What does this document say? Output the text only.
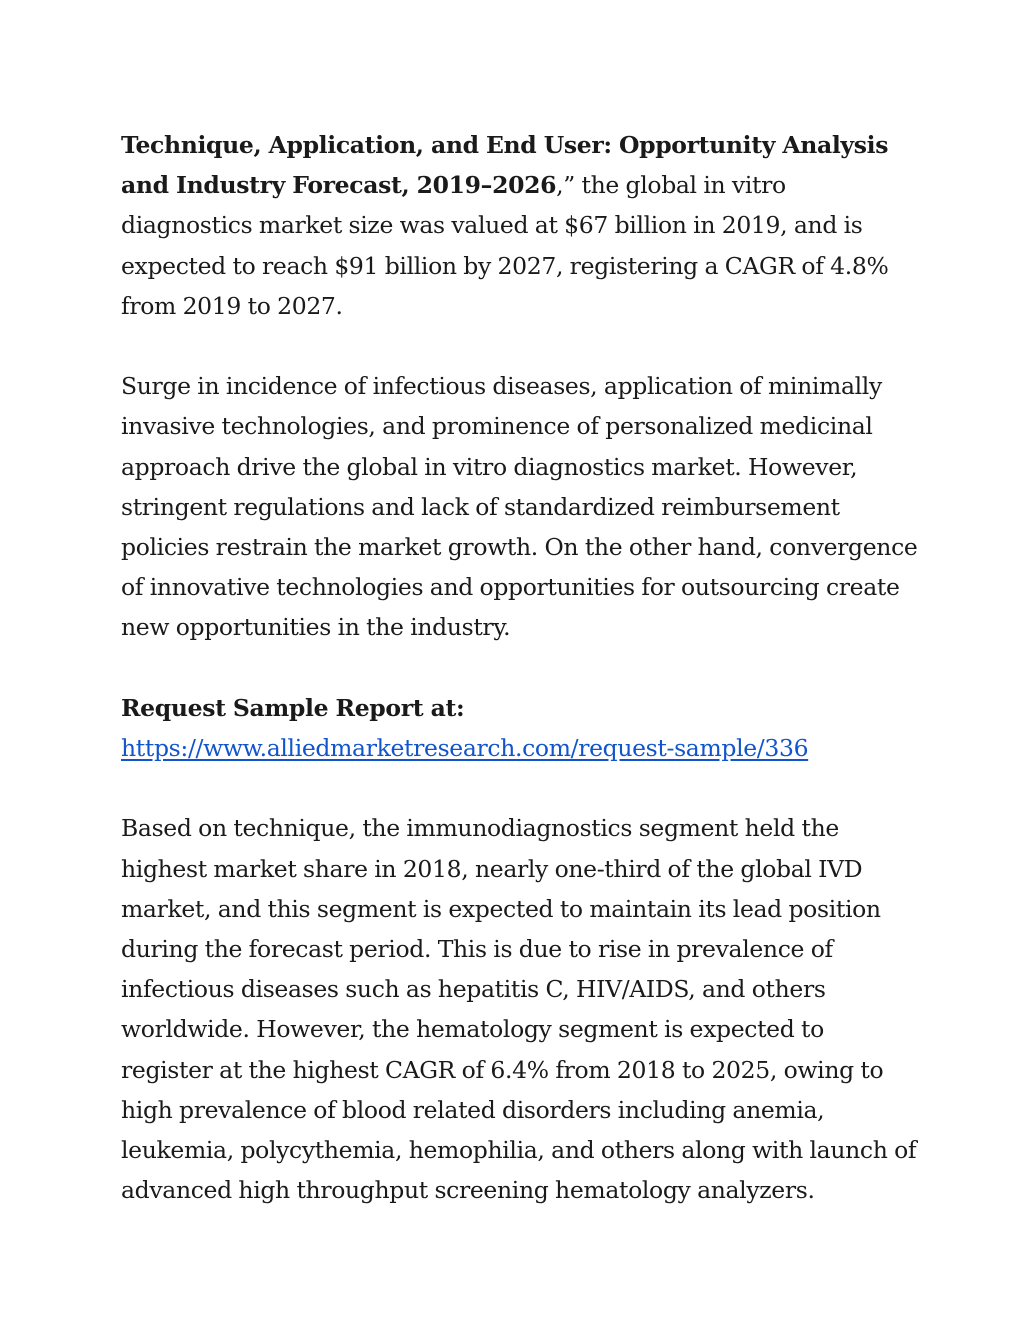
Technique, Application, and End User: Opportunity Analysis and Industry Forecast, 2019–2026,” the global in vitro diagnostics market size was valued at $67 billion in 2019, and is expected to reach $91 billion by 2027, registering a CAGR of 4.8% from 2019 to 2027.

Surge in incidence of infectious diseases, application of minimally invasive technologies, and prominence of personalized medicinal approach drive the global in vitro diagnostics market. However, stringent regulations and lack of standardized reimbursement policies restrain the market growth. On the other hand, convergence of innovative technologies and opportunities for outsourcing create new opportunities in the industry.

Request Sample Report at: https://www.alliedmarketresearch.com/request-sample/336

Based on technique, the immunodiagnostics segment held the highest market share in 2018, nearly one-third of the global IVD market, and this segment is expected to maintain its lead position during the forecast period. This is due to rise in prevalence of infectious diseases such as hepatitis C, HIV/AIDS, and others worldwide. However, the hematology segment is expected to register at the highest CAGR of 6.4% from 2018 to 2025, owing to high prevalence of blood related disorders including anemia, leukemia, polycythemia, hemophilia, and others along with launch of advanced high throughput screening hematology analyzers.
